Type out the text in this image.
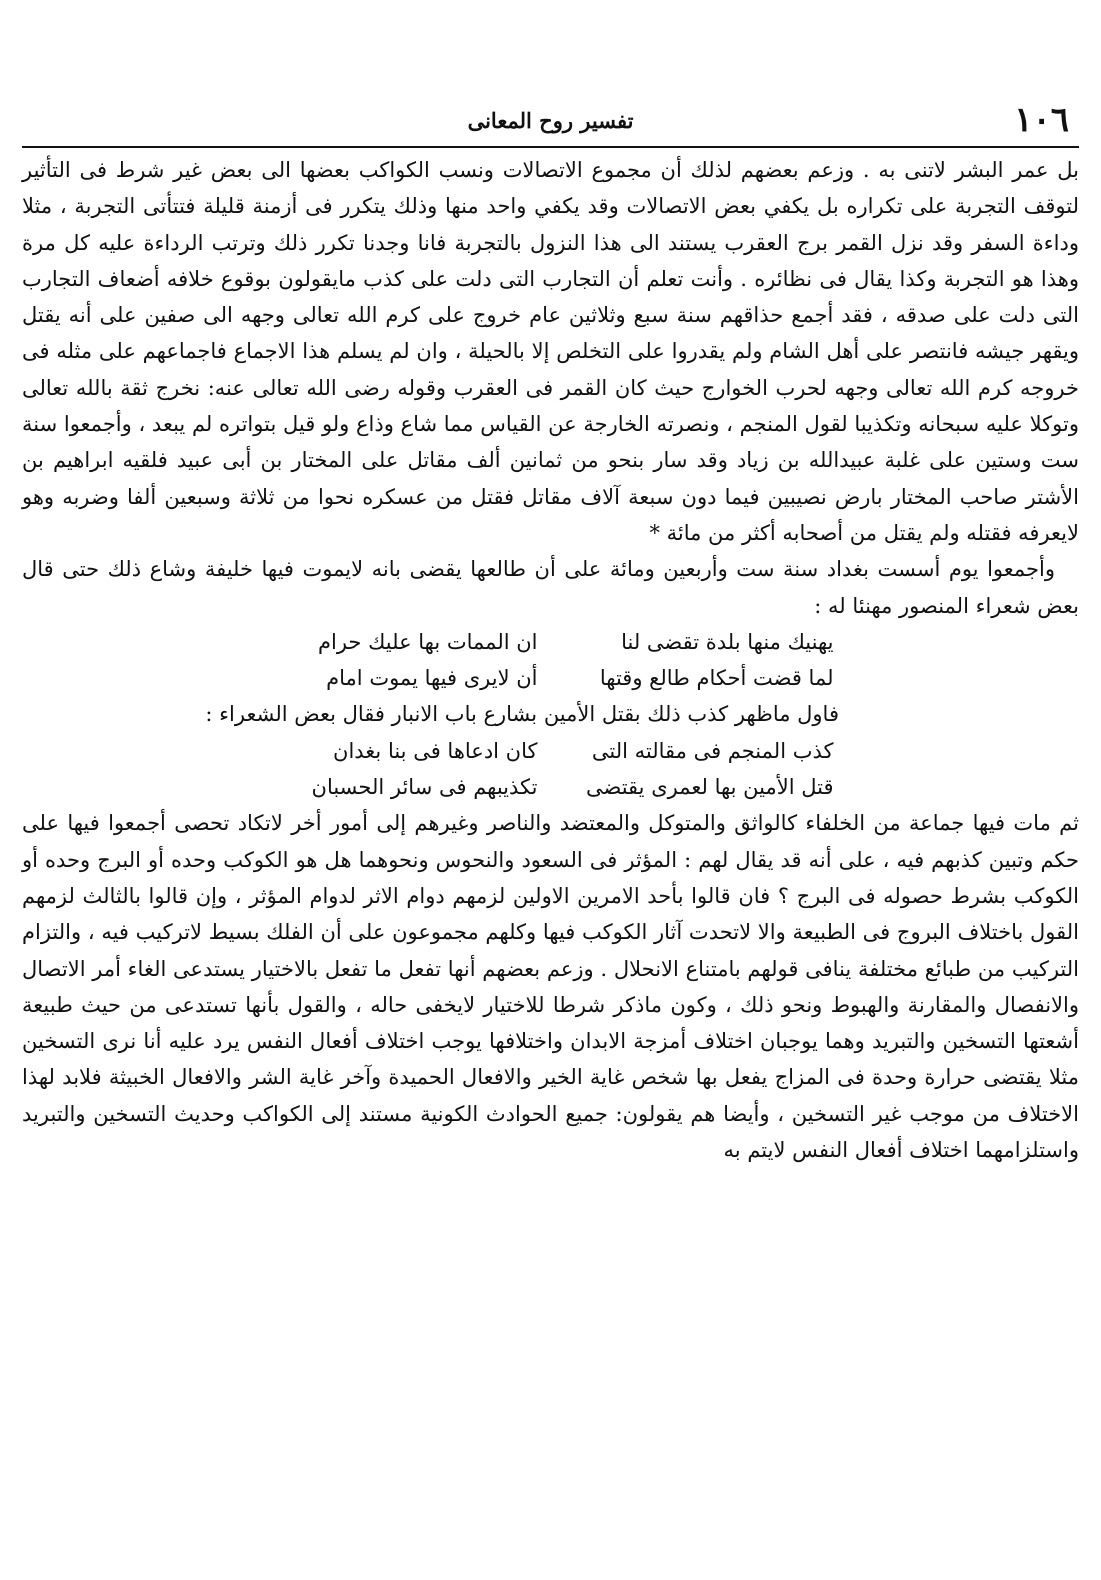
١٠٦
تفسير روح المعانى

بل عمر البشر لاتنى به . وزعم بعضهم لذلك أن مجموع الاتصالات ونسب الكواكب بعضها الى بعض غير شرط فى التأثير لتوقف التجربة على تكراره بل يكفي بعض الاتصالات وقد يكفي واحد منها وذلك يتكرر فى أزمنة قليلة فتتأتى التجربة ، مثلا وداءة السفر وقد نزل القمر برج العقرب يستند الى هذا النزول بالتجربة فانا وجدنا تكرر ذلك وترتب الرداءة عليه كل مرة وهذا هو التجربة وكذا يقال فى نظائره . وأنت تعلم أن التجارب التى دلت على كذب مايقولون بوقوع خلافه أضعاف التجارب التى دلت على صدقه ، فقد أجمع حذاقهم سنة سبع وثلاثين عام خروج على كرم الله تعالى وجهه الى صفين على أنه يقتل ويقهر جيشه فانتصر على أهل الشام ولم يقدروا على التخلص إلا بالحيلة ، وان لم يسلم هذا الاجماع فاجماعهم على مثله فى خروجه كرم الله تعالى وجهه لحرب الخوارج حيث كان القمر فى العقرب وقوله رضى الله تعالى عنه: نخرج ثقة بالله تعالى وتوكلا عليه سبحانه وتكذيبا لقول المنجم ، ونصرته الخارجة عن القياس مما شاع وذاع ولو قيل بتواتره لم يبعد ، وأجمعوا سنة ست وستين على غلبة عبيدالله بن زياد وقد سار بنحو من ثمانين ألف مقاتل على المختار بن أبى عبيد فلقيه ابراهيم بن الأشتر صاحب المختار بارض نصيبين فيما دون سبعة آلاف مقاتل فقتل من عسكره نحوا من ثلاثة وسبعين ألفا وضربه وهو لايعرفه فقتله ولم يقتل من أصحابه أكثر من مائة *

وأجمعوا يوم أسست بغداد سنة ست وأربعين ومائة على أن طالعها يقضى بانه لايموت فيها خليفة وشاع ذلك حتى قال بعض شعراء المنصور مهنئا له :

يهنيك منها بلدة تقضى لنا
ان الممات بها عليك حرام
لما قضت أحكام طالع وقتها
أن لايرى فيها يموت امام

فاول ماظهر كذب ذلك بقتل الأمين بشارع باب الانبار فقال بعض الشعراء :

كذب المنجم فى مقالته التى
كان ادعاها فى بنا بغدان
قتل الأمين بها لعمرى يقتضى
تكذيبهم فى سائر الحسبان

ثم مات فيها جماعة من الخلفاء كالواثق والمتوكل والمعتضد والناصر وغيرهم إلى أمور أخر لاتكاد تحصى أجمعوا فيها على حكم وتبين كذبهم فيه ، على أنه قد يقال لهم : المؤثر فى السعود والنحوس ونحوهما هل هو الكوكب وحده أو البرج وحده أو الكوكب بشرط حصوله فى البرج ؟ فان قالوا بأحد الامرين الاولين لزمهم دوام الاثر لدوام المؤثر ، وإن قالوا بالثالث لزمهم القول باختلاف البروج فى الطبيعة والا لاتحدت آثار الكوكب فيها وكلهم مجموعون على أن الفلك بسيط لاتركيب فيه ، والتزام التركيب من طبائع مختلفة ينافى قولهم بامتناع الانحلال . وزعم بعضهم أنها تفعل ما تفعل بالاختيار يستدعى الغاء أمر الاتصال والانفصال والمقارنة والهبوط ونحو ذلك ، وكون ماذكر شرطا للاختيار لايخفى حاله ، والقول بأنها تستدعى من حيث طبيعة أشعتها التسخين والتبريد وهما يوجبان اختلاف أمزجة الابدان واختلافها يوجب اختلاف أفعال النفس يرد عليه أنا نرى التسخين مثلا يقتضى حرارة وحدة فى المزاج يفعل بها شخص غاية الخير والافعال الحميدة وآخر غاية الشر والافعال الخبيثة فلابد لهذا الاختلاف من موجب غير التسخين ، وأيضا هم يقولون: جميع الحوادث الكونية مستند إلى الكواكب وحديث التسخين والتبريد واستلزامهما اختلاف أفعال النفس لايتم به
